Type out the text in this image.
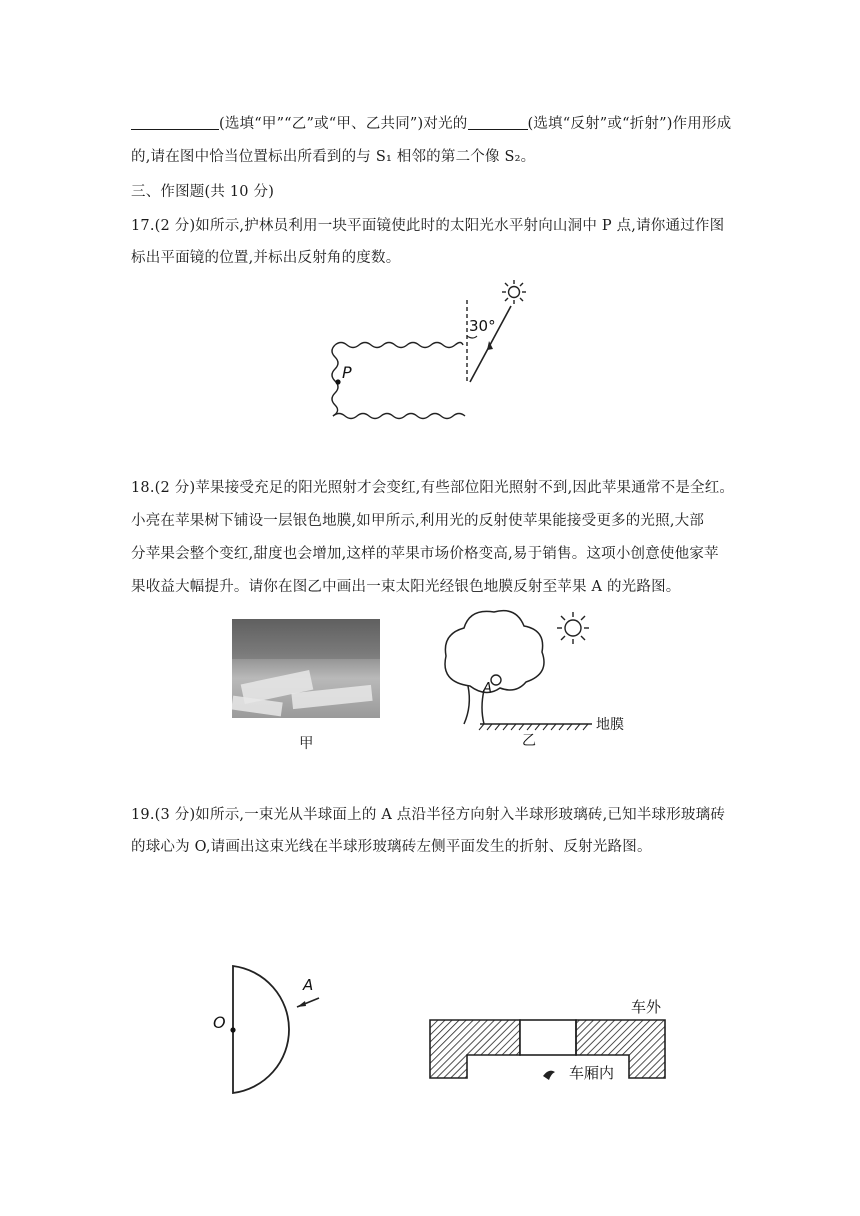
(选填“甲”“乙”或“甲、乙共同”)对光的	(选填“反射”或“折射”)作用形成
的,请在图中恰当位置标出所看到的与 S₁ 相邻的第二个像 S₂。
三、作图题(共 10 分)
17.(2 分)如所示,护林员利用一块平面镜使此时的太阳光水平射向山洞中 P 点,请你通过作图
标出平面镜的位置,并标出反射角的度数。
P
30°
18.(2 分)苹果接受充足的阳光照射才会变红,有些部位阳光照射不到,因此苹果通常不是全红。
小亮在苹果树下铺设一层银色地膜,如甲所示,利用光的反射使苹果能接受更多的光照,大部
分苹果会整个变红,甜度也会增加,这样的苹果市场价格变高,易于销售。这项小创意使他家苹
果收益大幅提升。请你在图乙中画出一束太阳光经银色地膜反射至苹果 A 的光路图。
甲
A
地膜
乙
19.(3 分)如所示,一束光从半球面上的 A 点沿半径方向射入半球形玻璃砖,已知半球形玻璃砖
的球心为 O,请画出这束光线在半球形玻璃砖左侧平面发生的折射、反射光路图。
O
A
车外
车厢内
